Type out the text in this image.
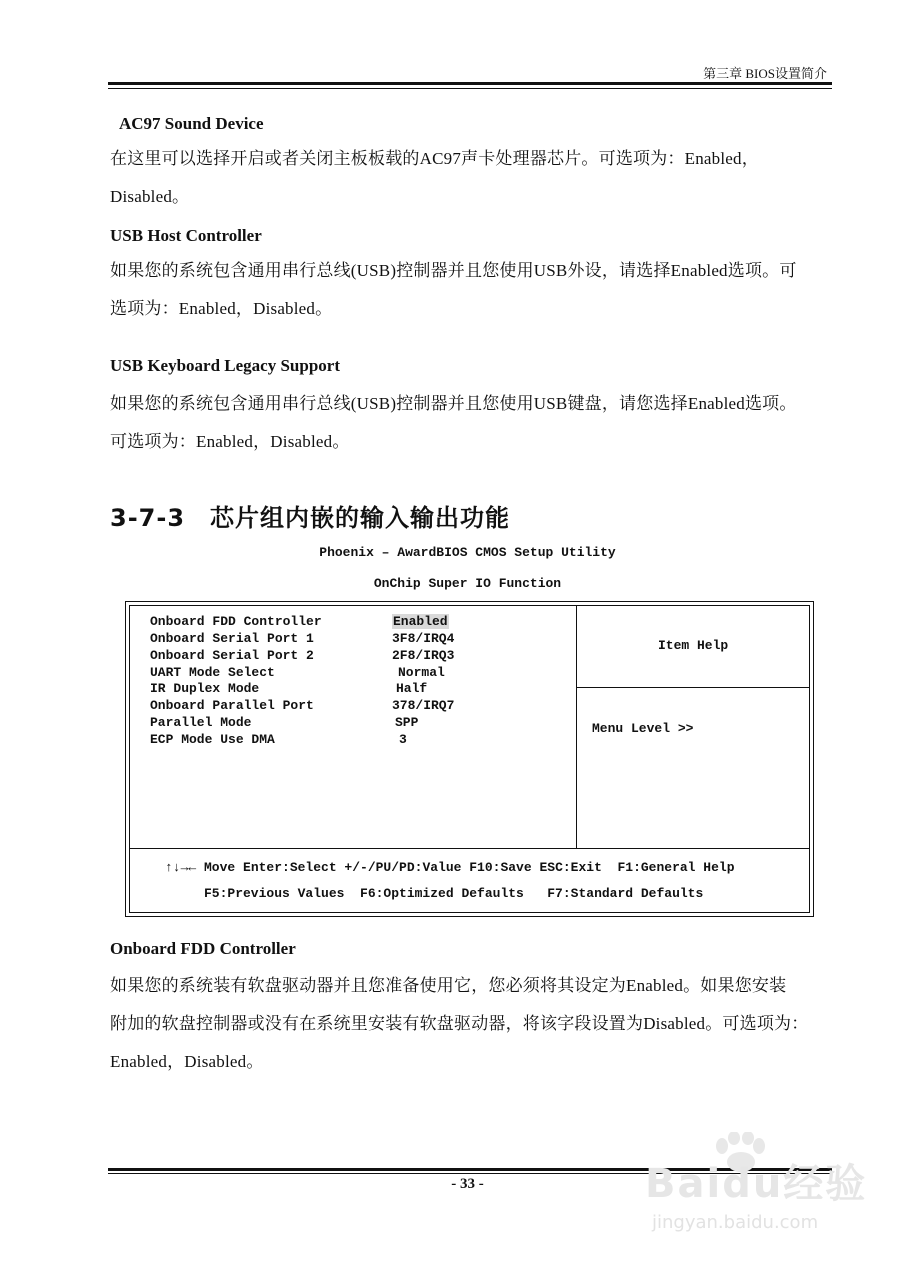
第三章 BIOS设置简介
AC97 Sound Device
在这里可以选择开启或者关闭主板板载的AC97声卡处理器芯片。可选项为：Enabled，
Disabled。
USB Host Controller
如果您的系统包含通用串行总线(USB)控制器并且您使用USB外设，请选择Enabled选项。可
选项为：Enabled，Disabled。
USB Keyboard Legacy Support
如果您的系统包含通用串行总线(USB)控制器并且您使用USB键盘，请您选择Enabled选项。
可选项为：Enabled，Disabled。
3-7-3　芯片组内嵌的输入输出功能
Phoenix – AwardBIOS CMOS Setup Utility
OnChip Super IO Function
Onboard FDD Controller	Enabled
Onboard Serial Port 1	3F8/IRQ4
Onboard Serial Port 2	2F8/IRQ3
UART Mode Select	Normal
IR Duplex Mode	Half
Onboard Parallel Port	378/IRQ7
Parallel Mode	SPP
ECP Mode Use DMA	3
Item Help
Menu Level >>
↑↓→← Move Enter:Select +/-/PU/PD:Value F10:Save ESC:Exit  F1:General Help
F5:Previous Values  F6:Optimized Defaults   F7:Standard Defaults
Onboard FDD Controller
如果您的系统装有软盘驱动器并且您准备使用它，您必须将其设定为Enabled。如果您安装
附加的软盘控制器或没有在系统里安装有软盘驱动器，将该字段设置为Disabled。可选项为：
Enabled，Disabled。
- 33 -	Baidu经验
jingyan.baidu.com
